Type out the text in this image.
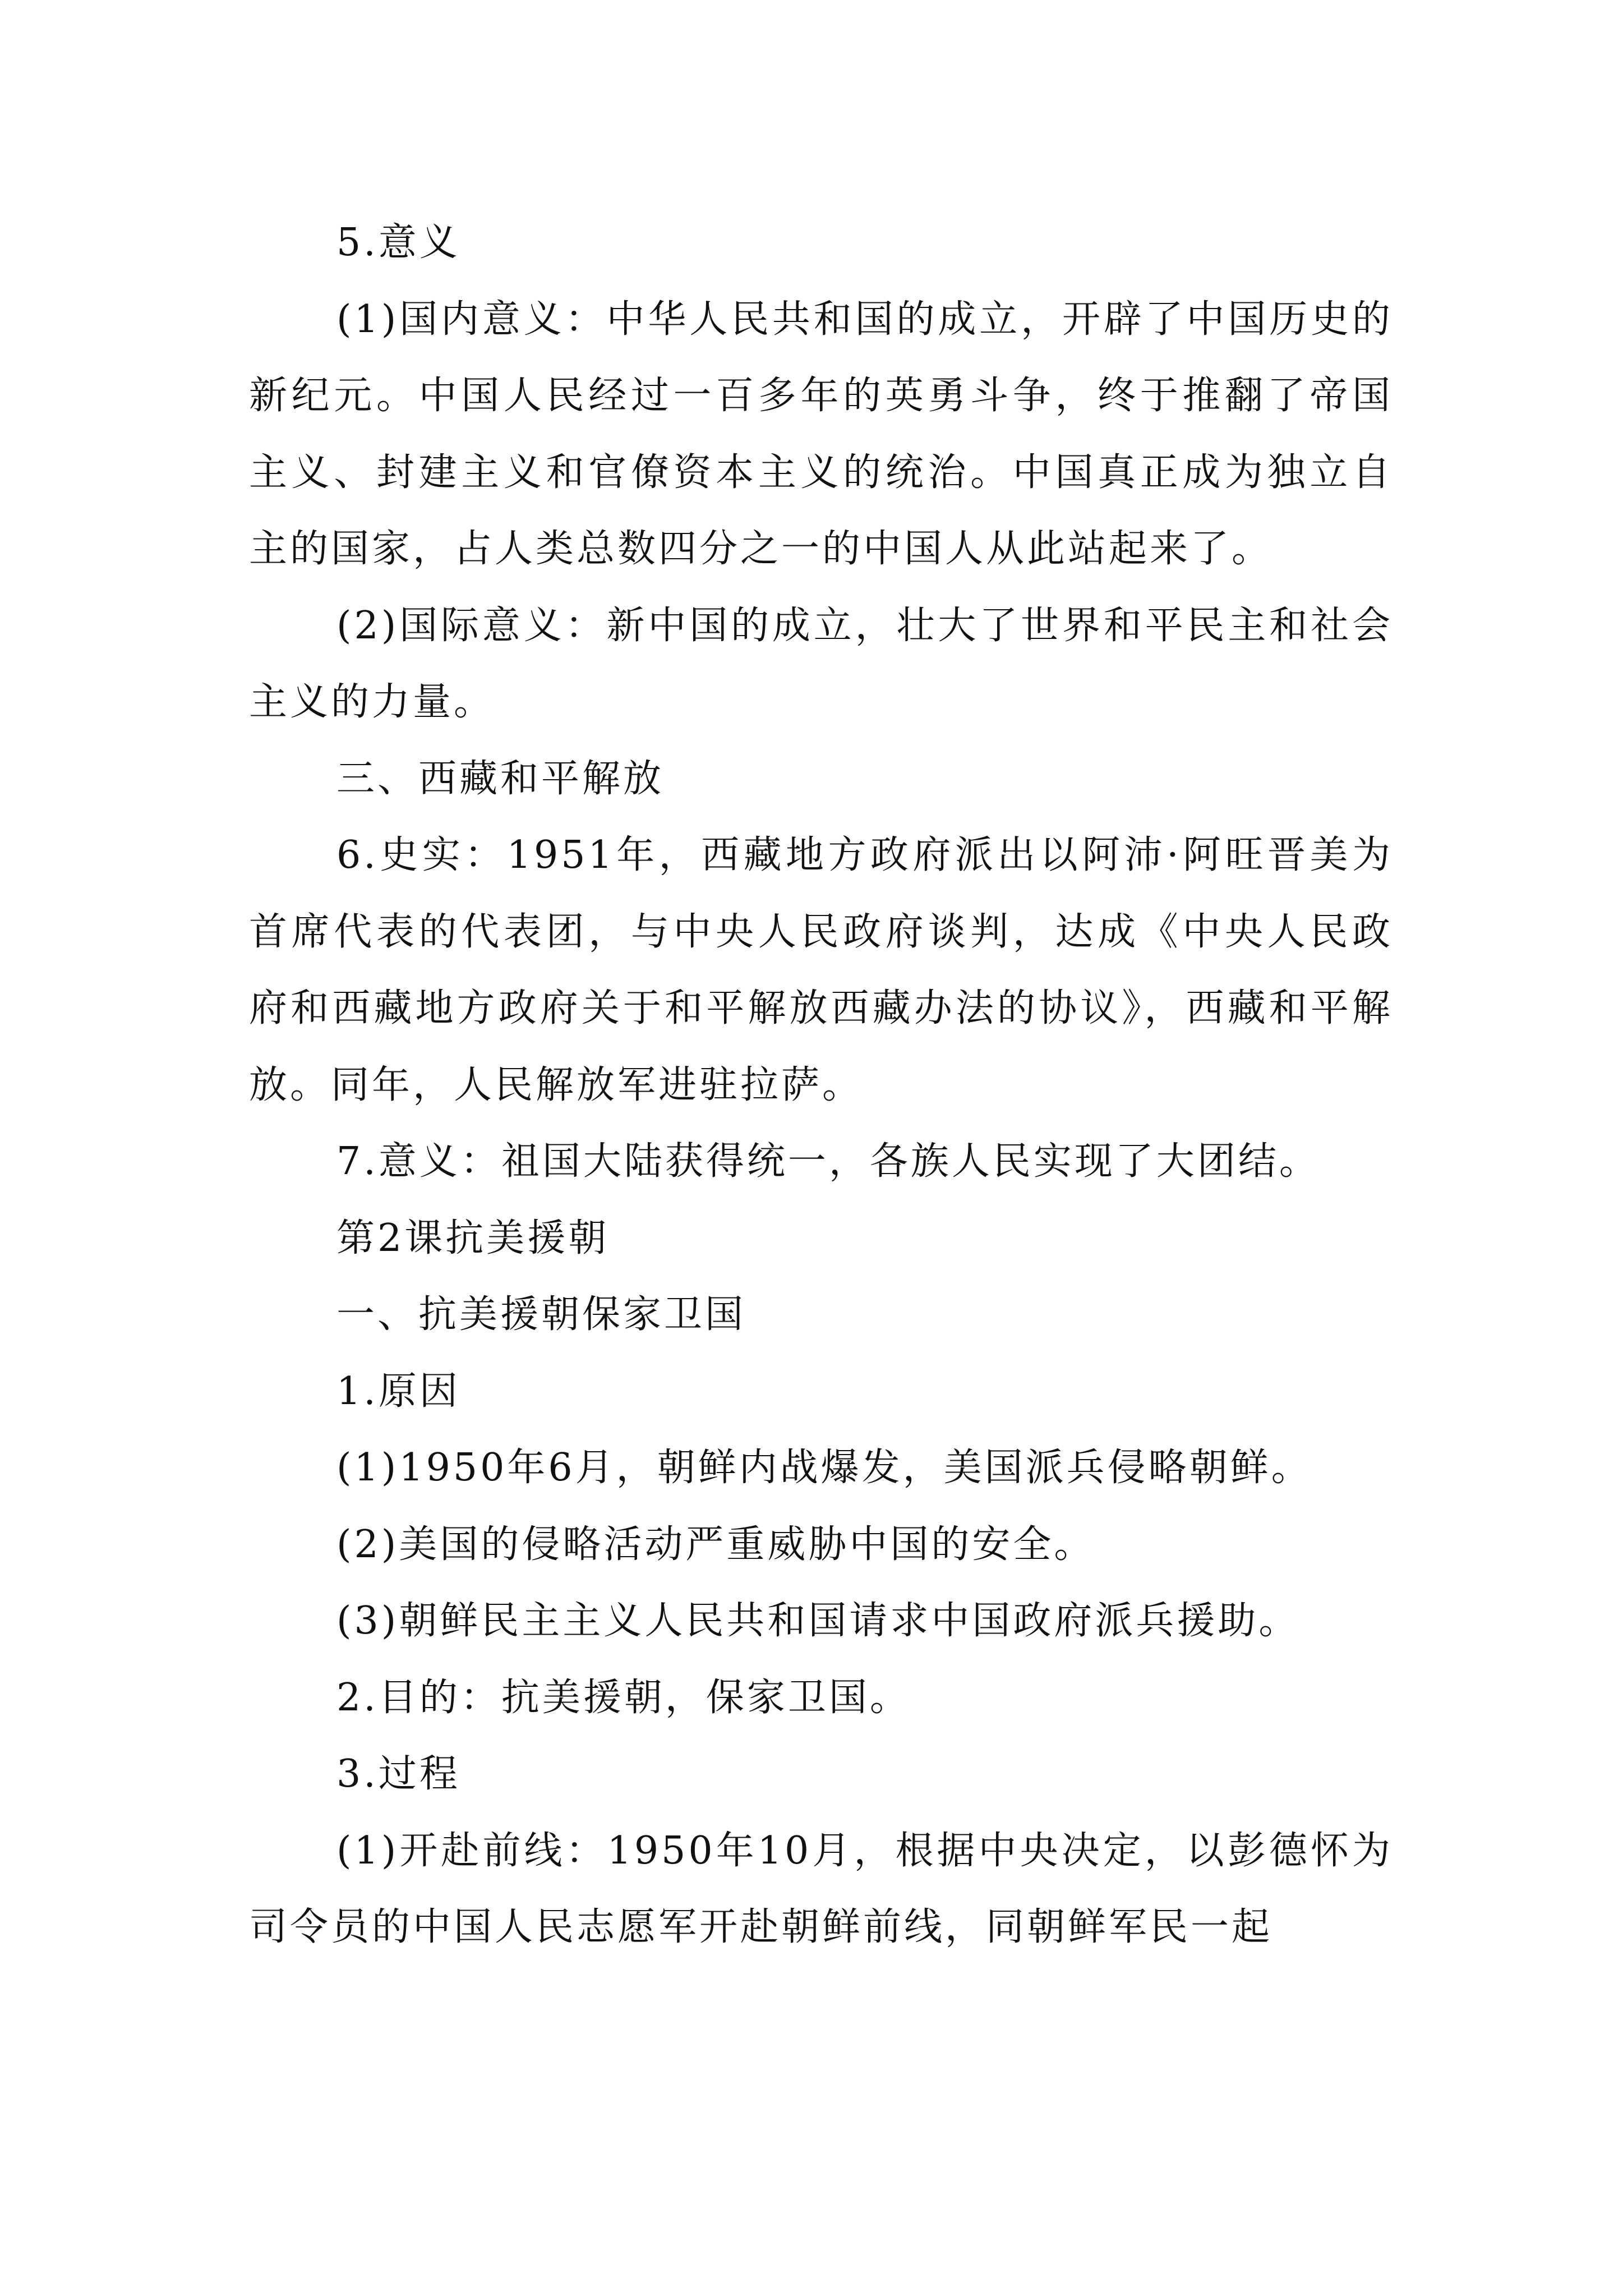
5.意义

(1)国内意义：中华人民共和国的成立，开辟了中国历史的新纪元。中国人民经过一百多年的英勇斗争，终于推翻了帝国主义、封建主义和官僚资本主义的统治。中国真正成为独立自主的国家，占人类总数四分之一的中国人从此站起来了。

(2)国际意义：新中国的成立，壮大了世界和平民主和社会主义的力量。

三、西藏和平解放

6.史实：1951年，西藏地方政府派出以阿沛·阿旺晋美为首席代表的代表团，与中央人民政府谈判，达成《中央人民政府和西藏地方政府关于和平解放西藏办法的协议》，西藏和平解放。同年，人民解放军进驻拉萨。

7.意义：祖国大陆获得统一，各族人民实现了大团结。

第2课抗美援朝

一、抗美援朝保家卫国

1.原因

(1)1950年6月，朝鲜内战爆发，美国派兵侵略朝鲜。

(2)美国的侵略活动严重威胁中国的安全。

(3)朝鲜民主主义人民共和国请求中国政府派兵援助。

2.目的：抗美援朝，保家卫国。

3.过程

(1)开赴前线：1950年10月，根据中央决定，以彭德怀为司令员的中国人民志愿军开赴朝鲜前线，同朝鲜军民一起
